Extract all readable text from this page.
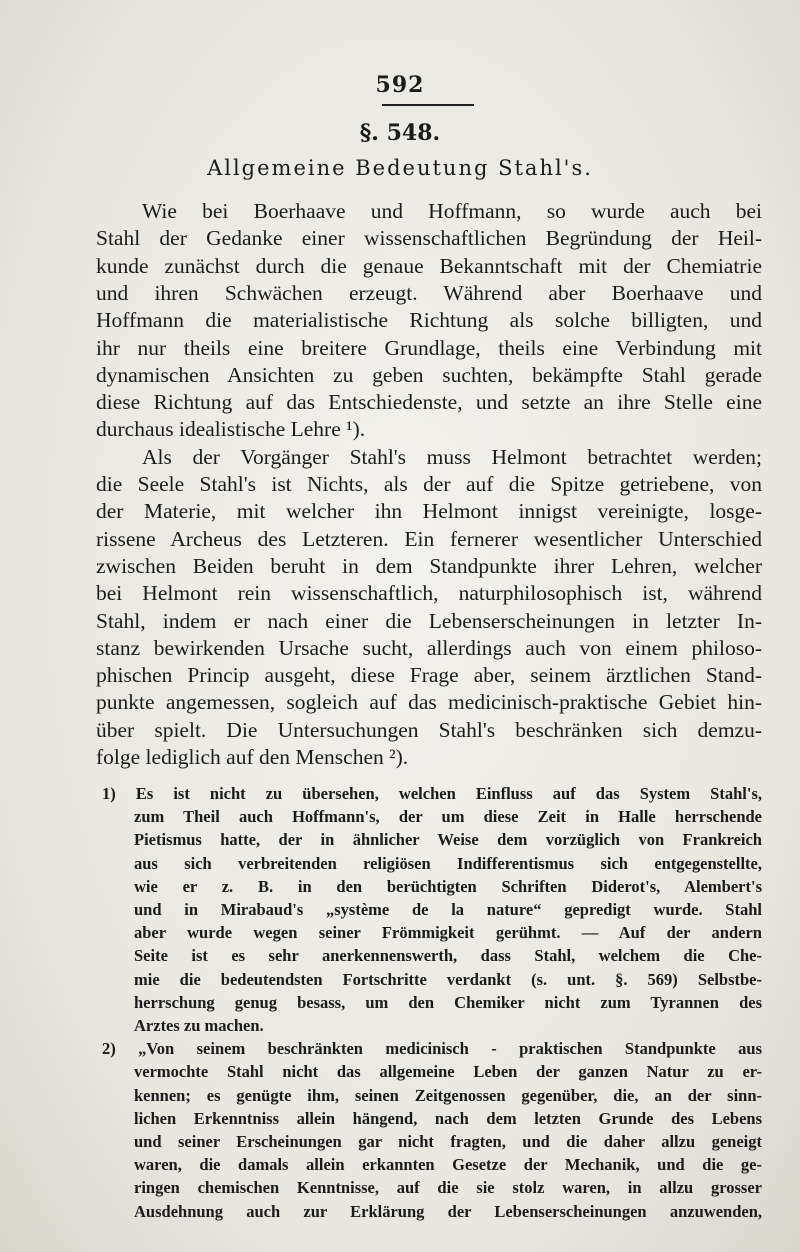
592
§. 548.
Allgemeine Bedeutung Stahl's.
Wie bei Boerhaave und Hoffmann, so wurde auch bei
Stahl der Gedanke einer wissenschaftlichen Begründung der Heil-
kunde zunächst durch die genaue Bekanntschaft mit der Chemiatrie
und ihren Schwächen erzeugt. Während aber Boerhaave und
Hoffmann die materialistische Richtung als solche billigten, und
ihr nur theils eine breitere Grundlage, theils eine Verbindung mit
dynamischen Ansichten zu geben suchten, bekämpfte Stahl gerade
diese Richtung auf das Entschiedenste, und setzte an ihre Stelle eine
durchaus idealistische Lehre ¹).
Als der Vorgänger Stahl's muss Helmont betrachtet werden;
die Seele Stahl's ist Nichts, als der auf die Spitze getriebene, von
der Materie, mit welcher ihn Helmont innigst vereinigte, losge-
rissene Archeus des Letzteren. Ein fernerer wesentlicher Unterschied
zwischen Beiden beruht in dem Standpunkte ihrer Lehren, welcher
bei Helmont rein wissenschaftlich, naturphilosophisch ist, während
Stahl, indem er nach einer die Lebenserscheinungen in letzter In-
stanz bewirkenden Ursache sucht, allerdings auch von einem philoso-
phischen Princip ausgeht, diese Frage aber, seinem ärztlichen Stand-
punkte angemessen, sogleich auf das medicinisch-praktische Gebiet hin-
über spielt. Die Untersuchungen Stahl's beschränken sich demzu-
folge lediglich auf den Menschen ²).
1) Es ist nicht zu übersehen, welchen Einfluss auf das System Stahl's,
zum Theil auch Hoffmann's, der um diese Zeit in Halle herrschende
Pietismus hatte, der in ähnlicher Weise dem vorzüglich von Frankreich
aus sich verbreitenden religiösen Indifferentismus sich entgegenstellte,
wie er z. B. in den berüchtigten Schriften Diderot's, Alembert's
und in Mirabaud's „système de la nature“ gepredigt wurde. Stahl
aber wurde wegen seiner Frömmigkeit gerühmt. — Auf der andern
Seite ist es sehr anerkennenswerth, dass Stahl, welchem die Che-
mie die bedeutendsten Fortschritte verdankt (s. unt. §. 569) Selbstbe-
herrschung genug besass, um den Chemiker nicht zum Tyrannen des
Arztes zu machen.
2) „Von seinem beschränkten medicinisch - praktischen Standpunkte aus
vermochte Stahl nicht das allgemeine Leben der ganzen Natur zu er-
kennen; es genügte ihm, seinen Zeitgenossen gegenüber, die, an der sinn-
lichen Erkenntniss allein hängend, nach dem letzten Grunde des Lebens
und seiner Erscheinungen gar nicht fragten, und die daher allzu geneigt
waren, die damals allein erkannten Gesetze der Mechanik, und die ge-
ringen chemischen Kenntnisse, auf die sie stolz waren, in allzu grosser
Ausdehnung auch zur Erklärung der Lebenserscheinungen anzuwenden,
